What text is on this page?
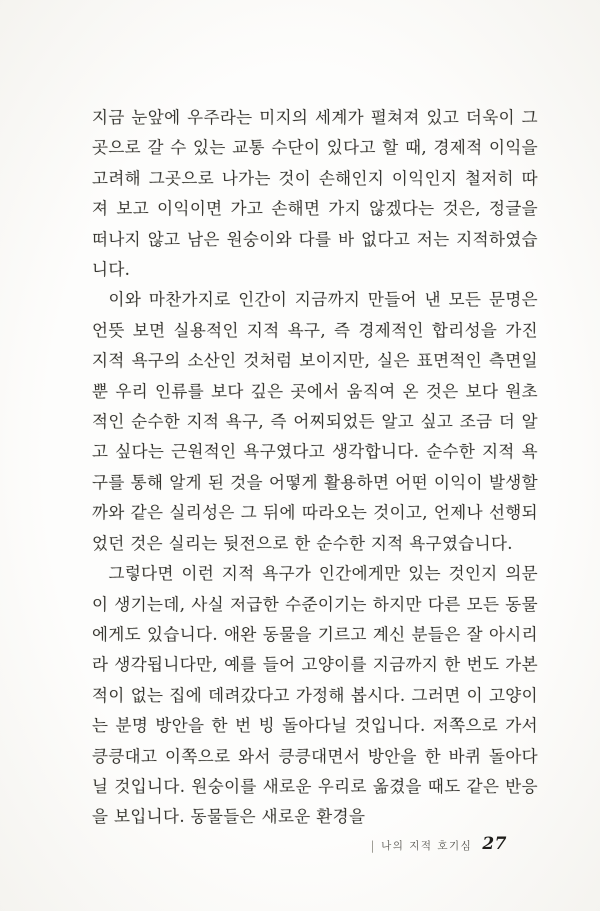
지금 눈앞에 우주라는 미지의 세계가 펼쳐져 있고 더욱이 그곳으로 갈 수 있는 교통 수단이 있다고 할 때, 경제적 이익을 고려해 그곳으로 나가는 것이 손해인지 이익인지 철저히 따져 보고 이익이면 가고 손해면 가지 않겠다는 것은, 정글을 떠나지 않고 남은 원숭이와 다를 바 없다고 저는 지적하였습니다.

이와 마찬가지로 인간이 지금까지 만들어 낸 모든 문명은 언뜻 보면 실용적인 지적 욕구, 즉 경제적인 합리성을 가진 지적 욕구의 소산인 것처럼 보이지만, 실은 표면적인 측면일 뿐 우리 인류를 보다 깊은 곳에서 움직여 온 것은 보다 원초적인 순수한 지적 욕구, 즉 어찌되었든 알고 싶고 조금 더 알고 싶다는 근원적인 욕구였다고 생각합니다. 순수한 지적 욕구를 통해 알게 된 것을 어떻게 활용하면 어떤 이익이 발생할까와 같은 실리성은 그 뒤에 따라오는 것이고, 언제나 선행되었던 것은 실리는 뒷전으로 한 순수한 지적 욕구였습니다.

그렇다면 이런 지적 욕구가 인간에게만 있는 것인지 의문이 생기는데, 사실 저급한 수준이기는 하지만 다른 모든 동물에게도 있습니다. 애완 동물을 기르고 계신 분들은 잘 아시리라 생각됩니다만, 예를 들어 고양이를 지금까지 한 번도 가본 적이 없는 집에 데려갔다고 가정해 봅시다. 그러면 이 고양이는 분명 방안을 한 번 빙 돌아다닐 것입니다. 저쪽으로 가서 킁킁대고 이쪽으로 와서 킁킁대면서 방안을 한 바퀴 돌아다닐 것입니다. 원숭이를 새로운 우리로 옮겼을 때도 같은 반응을 보입니다. 동물들은 새로운 환경을

| 나의 지적 호기심 27
